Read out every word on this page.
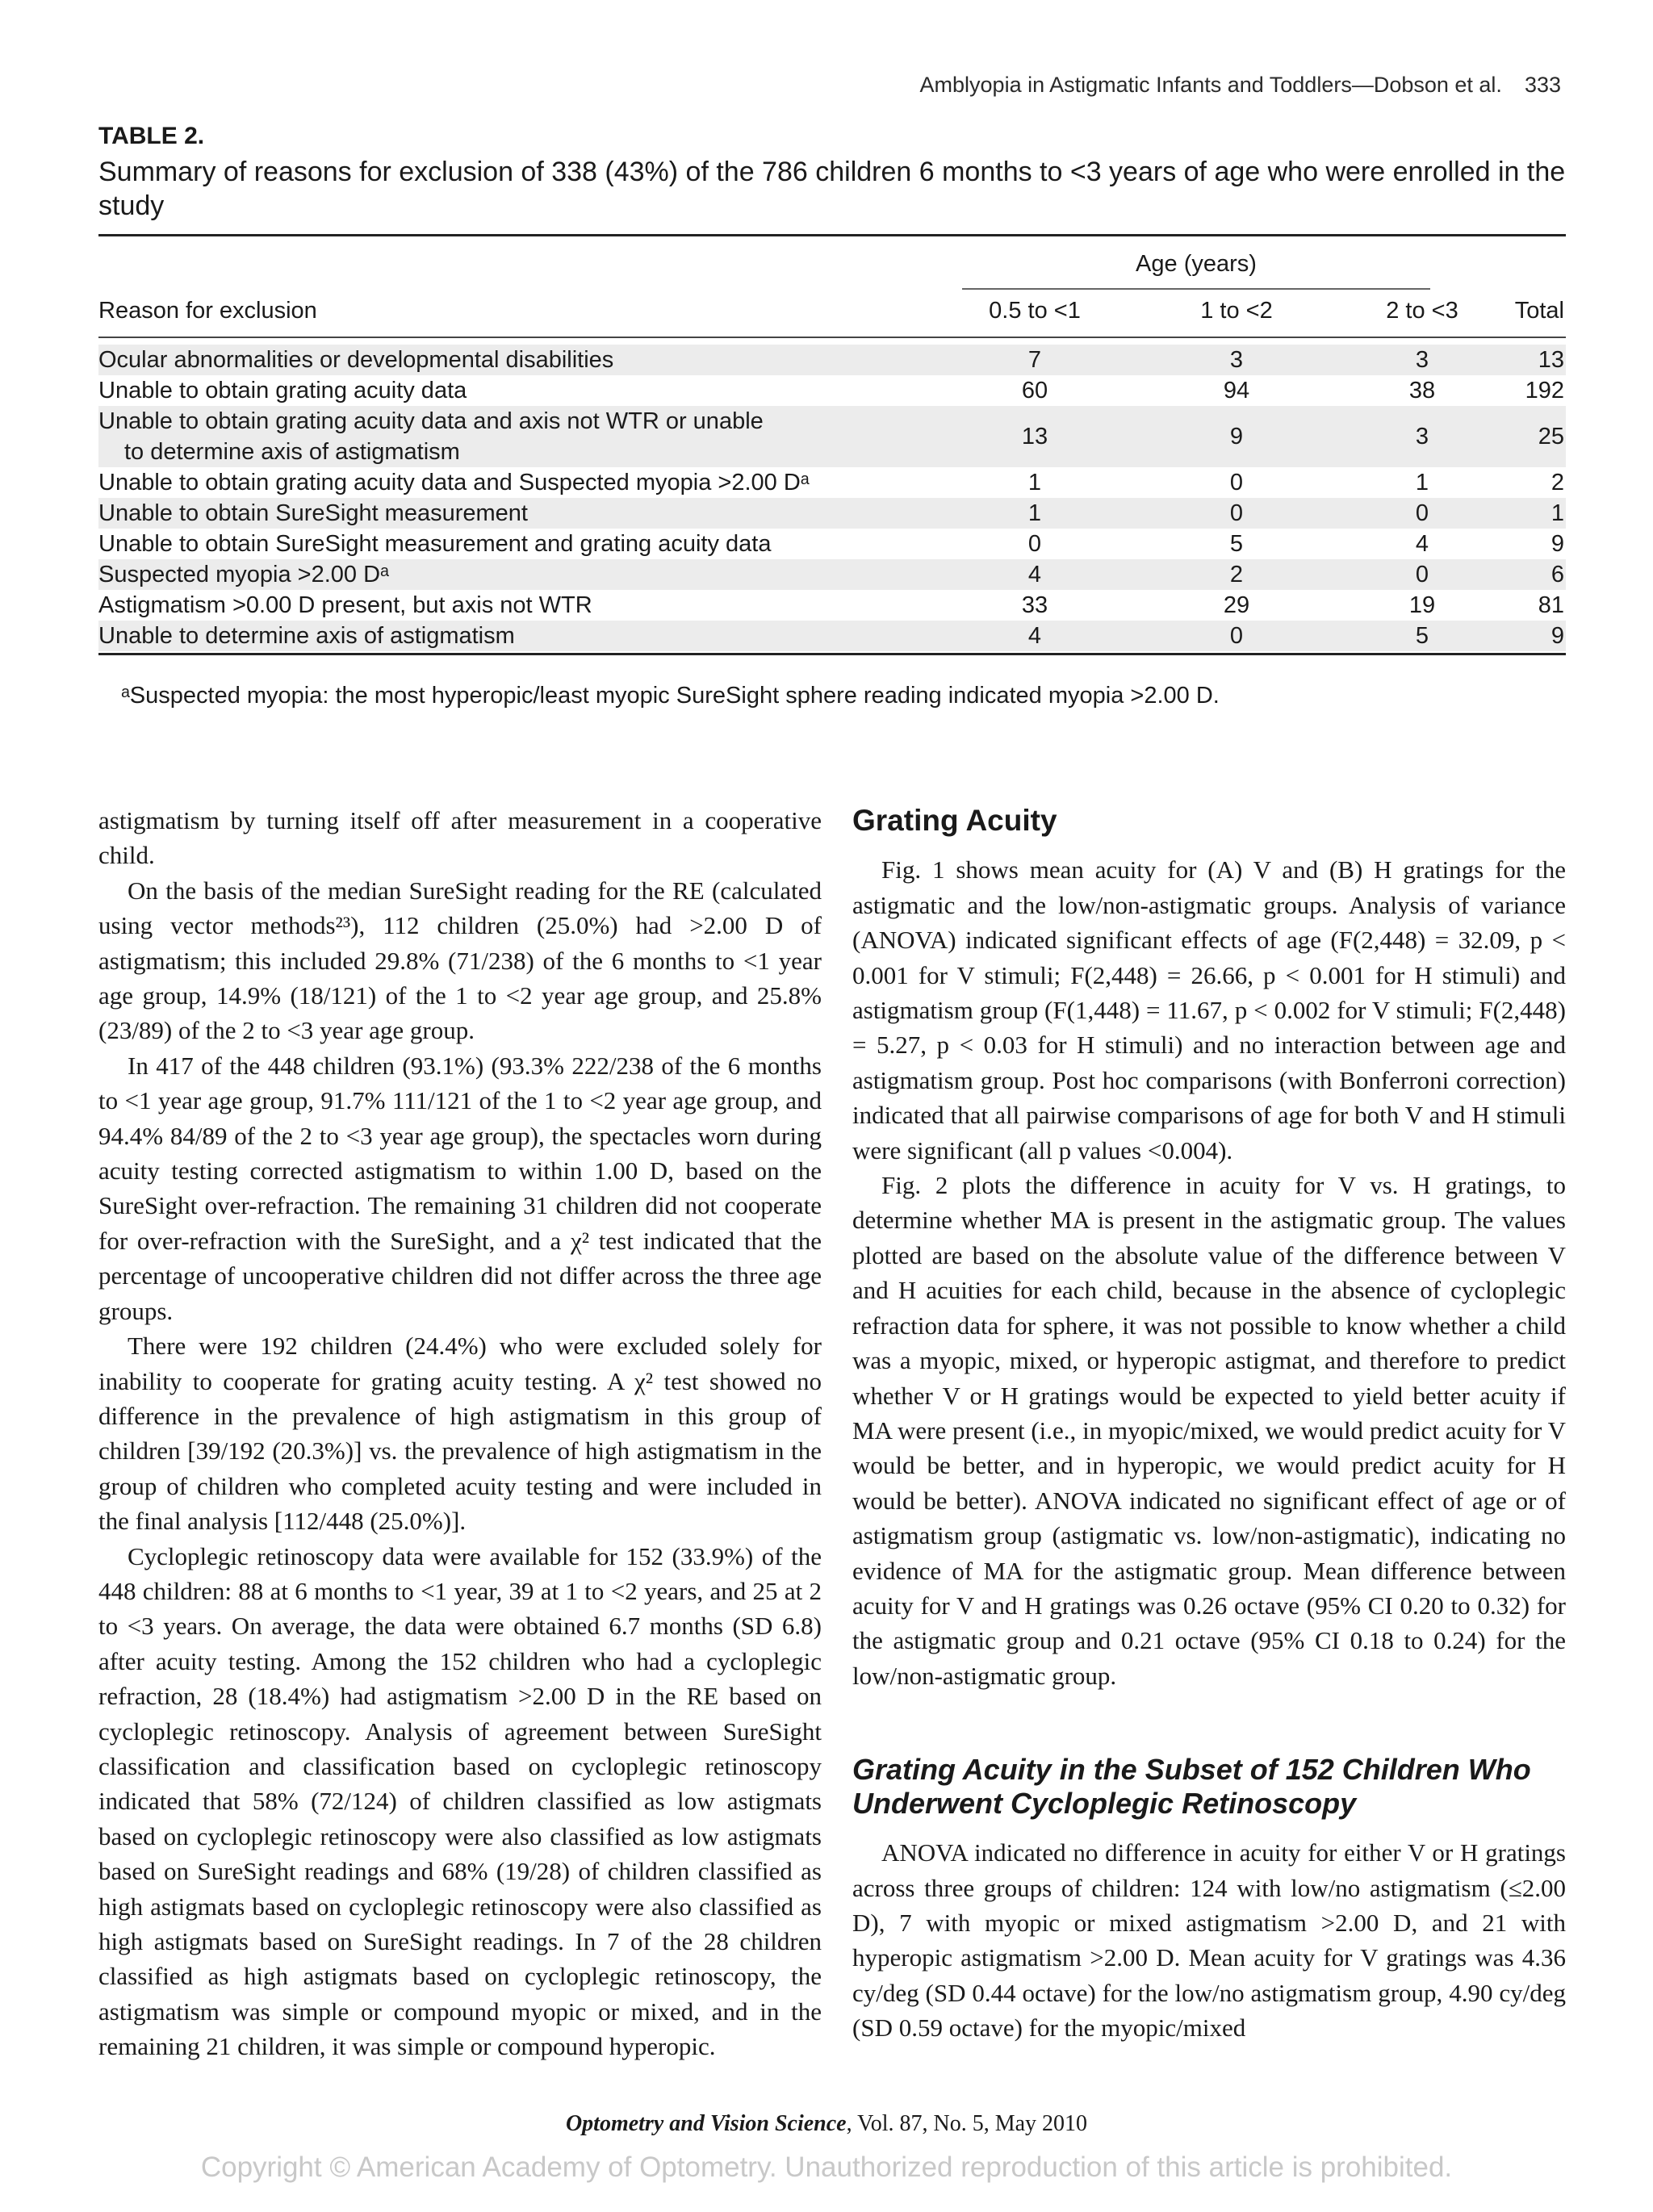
Amblyopia in Astigmatic Infants and Toddlers—Dobson et al. 333
TABLE 2.
Summary of reasons for exclusion of 338 (43%) of the 786 children 6 months to <3 years of age who were enrolled in the study
Age (years)
Reason for exclusion	0.5 to <1	1 to <2	2 to <3	Total
Ocular abnormalities or developmental disabilities	7	3	3	13
Unable to obtain grating acuity data	60	94	38	192
Unable to obtain grating acuity data and axis not WTR or unable
to determine axis of astigmatism
13	9	3	25
Unable to obtain grating acuity data and Suspected myopia >2.00 Dᵃ	1	0	1	2
Unable to obtain SureSight measurement	1	0	0	1
Unable to obtain SureSight measurement and grating acuity data	0	5	4	9
Suspected myopia >2.00 Dᵃ	4	2	0	6
Astigmatism >0.00 D present, but axis not WTR	33	29	19	81
Unable to determine axis of astigmatism	4	0	5	9
ᵃSuspected myopia: the most hyperopic/least myopic SureSight sphere reading indicated myopia >2.00 D.

astigmatism by turning itself off after measurement in a cooperative child.

On the basis of the median SureSight reading for the RE (calculated using vector methods²³), 112 children (25.0%) had >2.00 D of astigmatism; this included 29.8% (71/238) of the 6 months to <1 year age group, 14.9% (18/121) of the 1 to <2 year age group, and 25.8% (23/89) of the 2 to <3 year age group.

In 417 of the 448 children (93.1%) (93.3% 222/238 of the 6 months to <1 year age group, 91.7% 111/121 of the 1 to <2 year age group, and 94.4% 84/89 of the 2 to <3 year age group), the spectacles worn during acuity testing corrected astigmatism to within 1.00 D, based on the SureSight over-refraction. The remaining 31 children did not cooperate for over-refraction with the SureSight, and a χ² test indicated that the percentage of uncooperative children did not differ across the three age groups.

There were 192 children (24.4%) who were excluded solely for inability to cooperate for grating acuity testing. A χ² test showed no difference in the prevalence of high astigmatism in this group of children [39/192 (20.3%)] vs. the prevalence of high astigmatism in the group of children who completed acuity testing and were included in the final analysis [112/448 (25.0%)].

Cycloplegic retinoscopy data were available for 152 (33.9%) of the 448 children: 88 at 6 months to <1 year, 39 at 1 to <2 years, and 25 at 2 to <3 years. On average, the data were obtained 6.7 months (SD 6.8) after acuity testing. Among the 152 children who had a cycloplegic refraction, 28 (18.4%) had astigmatism >2.00 D in the RE based on cycloplegic retinoscopy. Analysis of agreement between SureSight classification and classification based on cycloplegic retinoscopy indicated that 58% (72/124) of children classified as low astigmats based on cycloplegic retinoscopy were also classified as low astigmats based on SureSight readings and 68% (19/28) of children classified as high astigmats based on cycloplegic retinoscopy were also classified as high astigmats based on SureSight readings. In 7 of the 28 children classified as high astigmats based on cycloplegic retinoscopy, the astigmatism was simple or compound myopic or mixed, and in the remaining 21 children, it was simple or compound hyperopic.

Grating Acuity

Fig. 1 shows mean acuity for (A) V and (B) H gratings for the astigmatic and the low/non-astigmatic groups. Analysis of variance (ANOVA) indicated significant effects of age (F(2,448) = 32.09, p < 0.001 for V stimuli; F(2,448) = 26.66, p < 0.001 for H stimuli) and astigmatism group (F(1,448) = 11.67, p < 0.002 for V stimuli; F(2,448) = 5.27, p < 0.03 for H stimuli) and no interaction between age and astigmatism group. Post hoc comparisons (with Bonferroni correction) indicated that all pairwise comparisons of age for both V and H stimuli were significant (all p values <0.004).

Fig. 2 plots the difference in acuity for V vs. H gratings, to determine whether MA is present in the astigmatic group. The values plotted are based on the absolute value of the difference between V and H acuities for each child, because in the absence of cycloplegic refraction data for sphere, it was not possible to know whether a child was a myopic, mixed, or hyperopic astigmat, and therefore to predict whether V or H gratings would be expected to yield better acuity if MA were present (i.e., in myopic/mixed, we would predict acuity for V would be better, and in hyperopic, we would predict acuity for H would be better). ANOVA indicated no significant effect of age or of astigmatism group (astigmatic vs. low/non-astigmatic), indicating no evidence of MA for the astigmatic group. Mean difference between acuity for V and H gratings was 0.26 octave (95% CI 0.20 to 0.32) for the astigmatic group and 0.21 octave (95% CI 0.18 to 0.24) for the low/non-astigmatic group.

Grating Acuity in the Subset of 152 Children Who Underwent Cycloplegic Retinoscopy

ANOVA indicated no difference in acuity for either V or H gratings across three groups of children: 124 with low/no astigmatism (≤2.00 D), 7 with myopic or mixed astigmatism >2.00 D, and 21 with hyperopic astigmatism >2.00 D. Mean acuity for V gratings was 4.36 cy/deg (SD 0.44 octave) for the low/no astigmatism group, 4.90 cy/deg (SD 0.59 octave) for the myopic/mixed

Optometry and Vision Science, Vol. 87, No. 5, May 2010
Copyright © American Academy of Optometry. Unauthorized reproduction of this article is prohibited.
